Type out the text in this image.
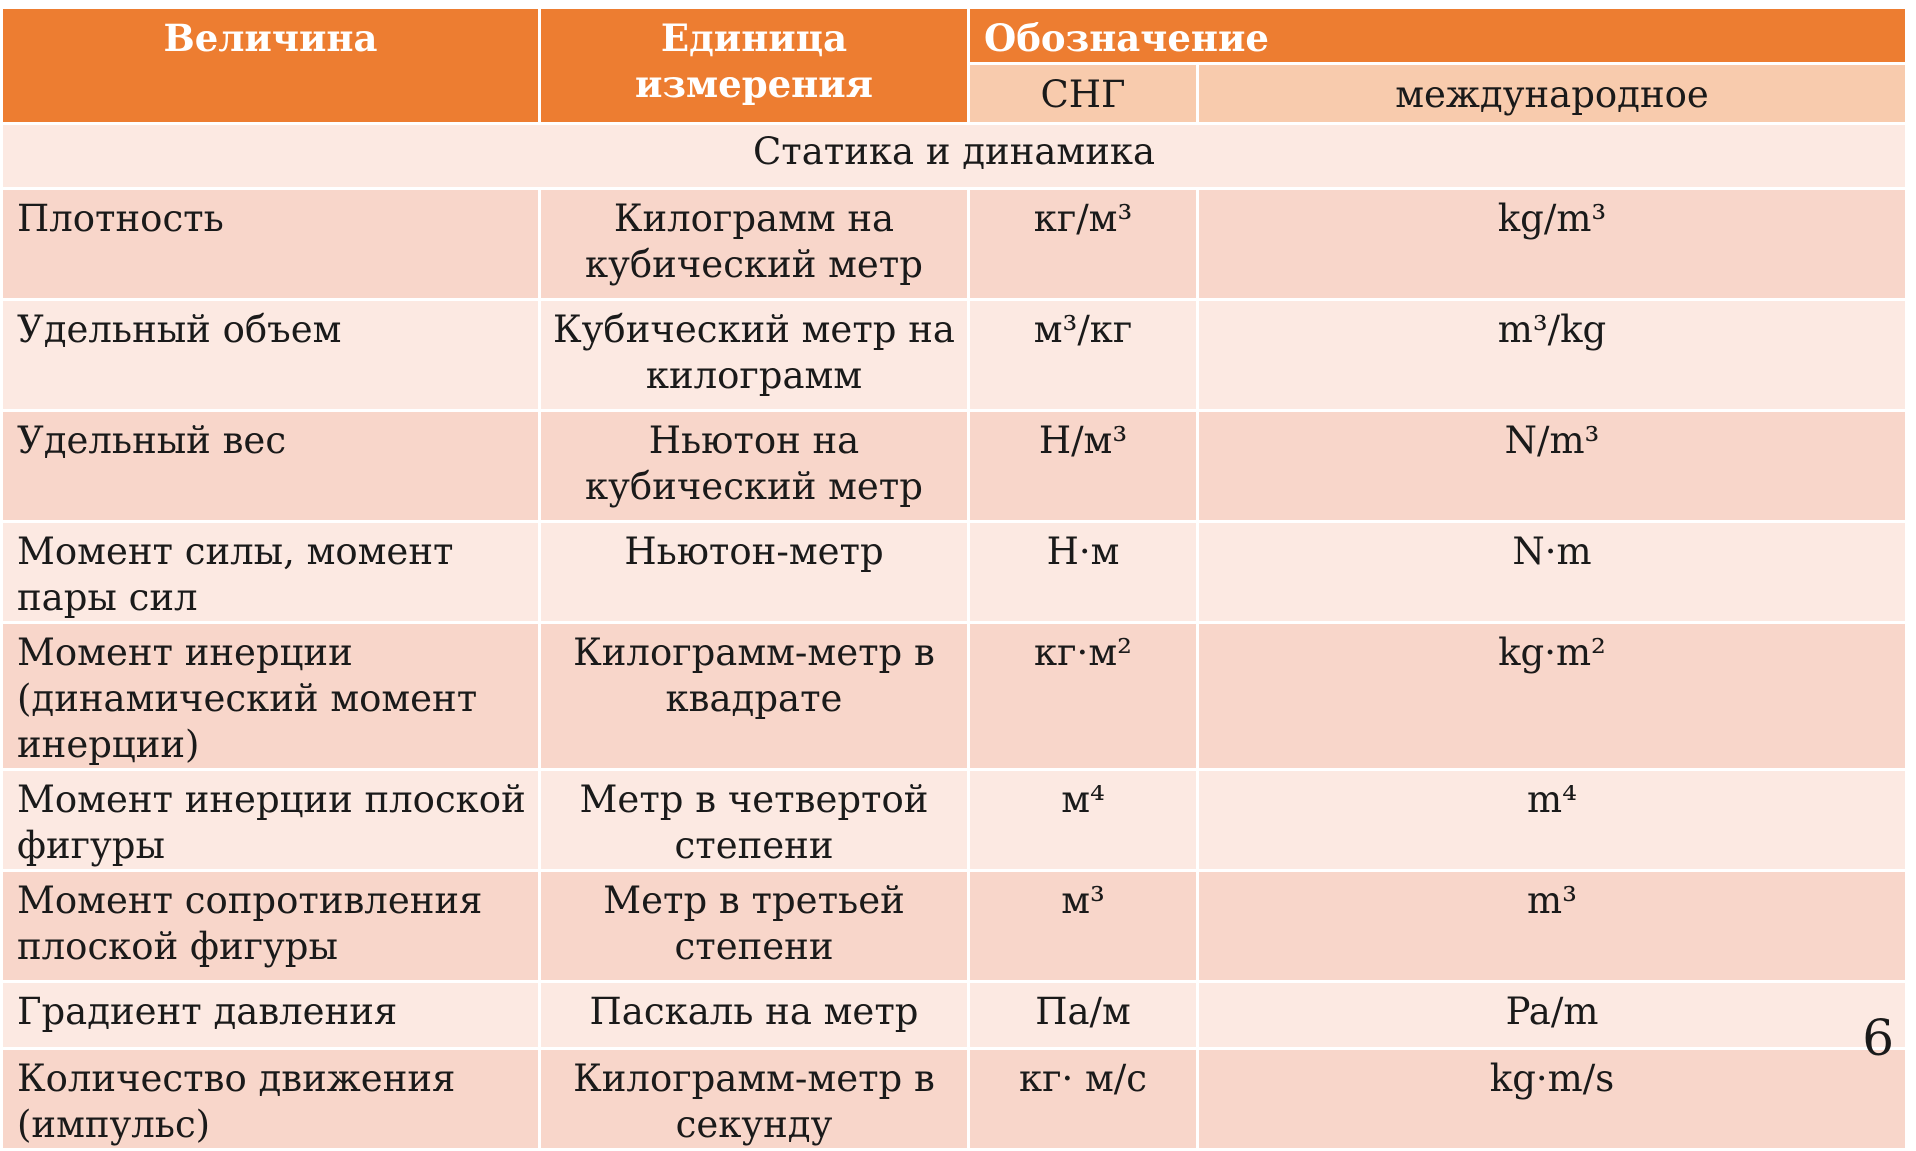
Величина	Единица измерения	Обозначение	
		СНГ	международное
Статика и динамика			
Плотность	Килограмм на кубический метр	кг/м³	kg/m³
Удельный объем	Кубический метр на килограмм	м³/кг	m³/kg
Удельный вес	Ньютон на кубический метр	Н/м³	N/m³
Момент силы, момент пары сил	Ньютон-метр	Н·м	N·m
Момент инерции (динамический момент инерции)	Килограмм-метр в квадрате	кг·м²	kg·m²
Момент инерции плоской фигуры	Метр в четвертой степени	м⁴	m⁴
Момент сопротивления плоской фигуры	Метр в третьей степени	м³	m³
Градиент давления	Паскаль на метр	Па/м	Pa/m
Количество движения (импульс)	Килограмм-метр в секунду	кг· м/с	kg·m/s
6
